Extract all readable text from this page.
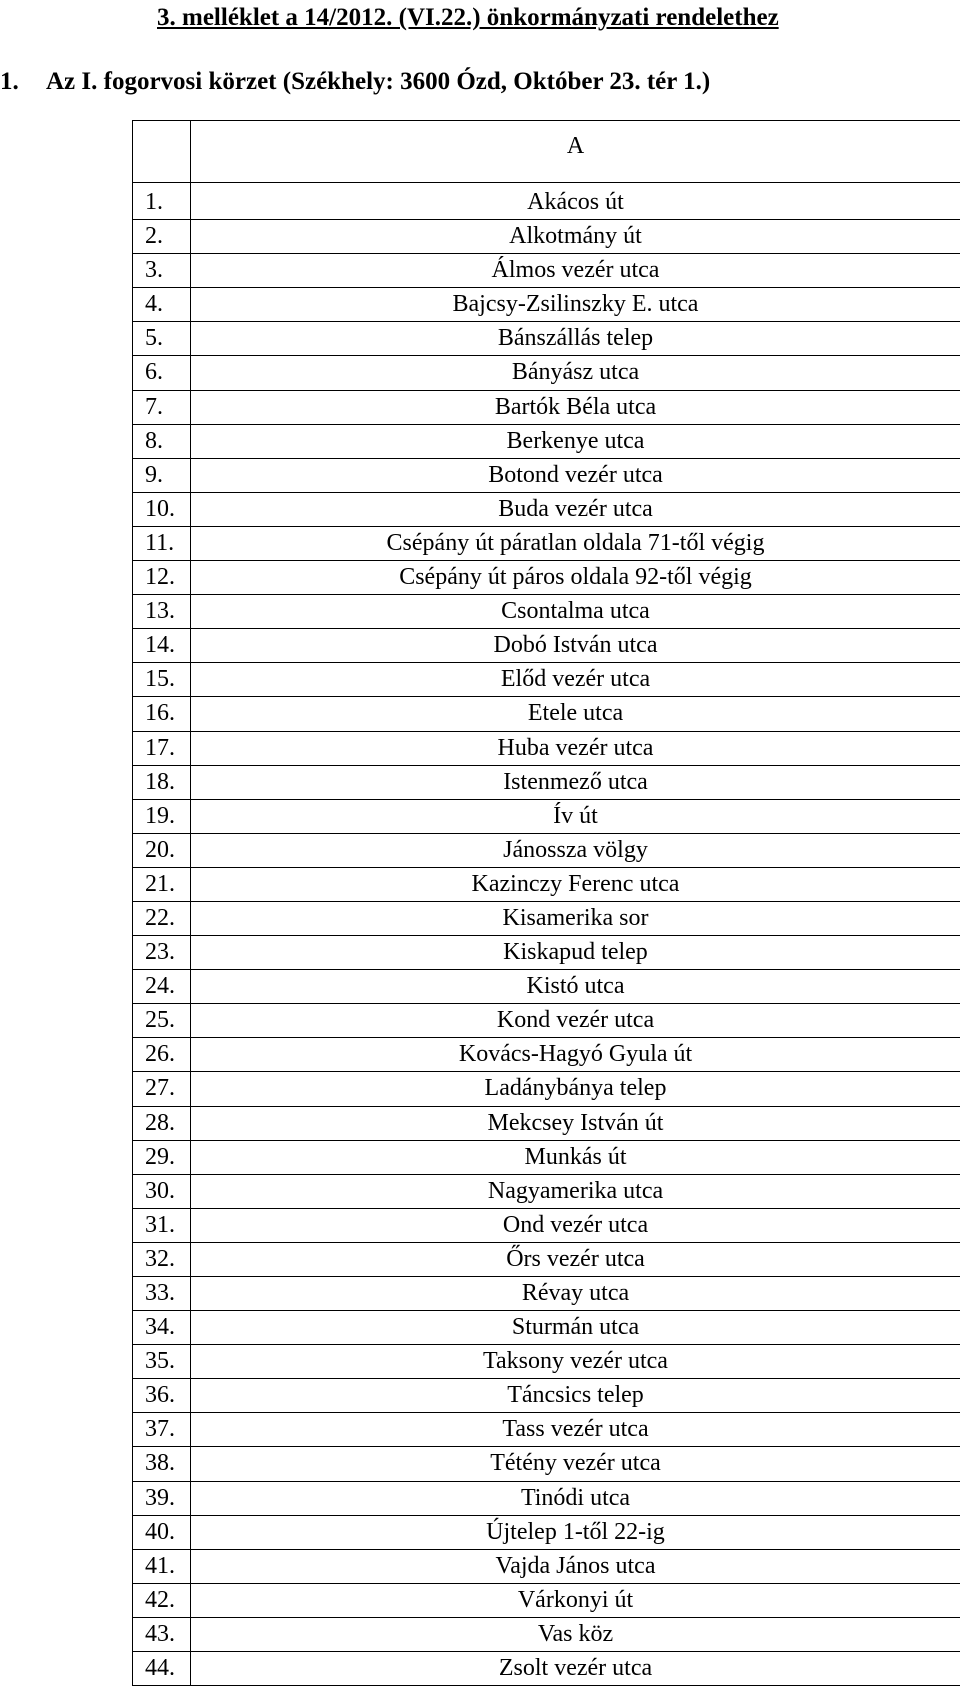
3. melléklet a 14/2012. (VI.22.) önkormányzati rendelethez
1. Az I. fogorvosi körzet (Székhely: 3600 Ózd, Október 23. tér 1.)
	A
1.	Akácos út
2.	Alkotmány út
3.	Álmos vezér utca
4.	Bajcsy-Zsilinszky E. utca
5.	Bánszállás telep
6.	Bányász utca
7.	Bartók Béla utca
8.	Berkenye utca
9.	Botond vezér utca
10.	Buda vezér utca
11.	Csépány út páratlan oldala 71-től végig
12.	Csépány út páros oldala 92-től végig
13.	Csontalma utca
14.	Dobó István utca
15.	Előd vezér utca
16.	Etele utca
17.	Huba vezér utca
18.	Istenmező utca
19.	Ív út
20.	Jánossza völgy
21.	Kazinczy Ferenc utca
22.	Kisamerika sor
23.	Kiskapud telep
24.	Kistó utca
25.	Kond vezér utca
26.	Kovács-Hagyó Gyula út
27.	Ladánybánya telep
28.	Mekcsey István út
29.	Munkás út
30.	Nagyamerika utca
31.	Ond vezér utca
32.	Őrs vezér utca
33.	Révay utca
34.	Sturmán utca
35.	Taksony vezér utca
36.	Táncsics telep
37.	Tass vezér utca
38.	Tétény vezér utca
39.	Tinódi utca
40.	Újtelep 1-től 22-ig
41.	Vajda János utca
42.	Várkonyi út
43.	Vas köz
44.	Zsolt vezér utca
